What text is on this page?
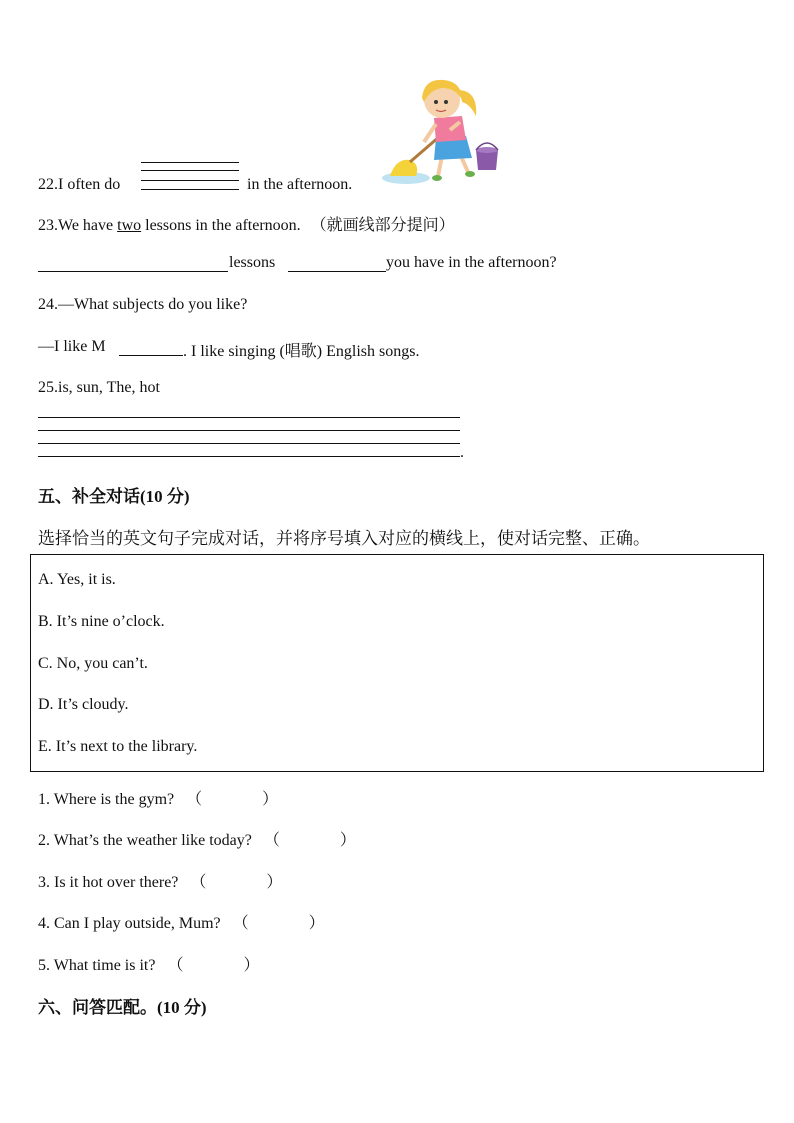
22.I often do	in the afternoon.
23.We have two lessons in the afternoon. （就画线部分提问）
lessons	you have in the afternoon?
24.—What subjects do you like?
—I like M	. I like singing (唱歌) English songs.
25.is, sun, The, hot
.
五、补全对话(10 分)
选择恰当的英文句子完成对话，并将序号填入对应的横线上，使对话完整、正确。
A. Yes, it is.
B. It’s nine o’clock.
C. No, you can’t.
D. It’s cloudy.
E. It’s next to the library.
1. Where is the gym? （	）
2. What’s the weather like today? （	）
3. Is it hot over there? （	）
4. Can I play outside, Mum? （	）
5. What time is it? （	）
六、问答匹配。(10 分)
